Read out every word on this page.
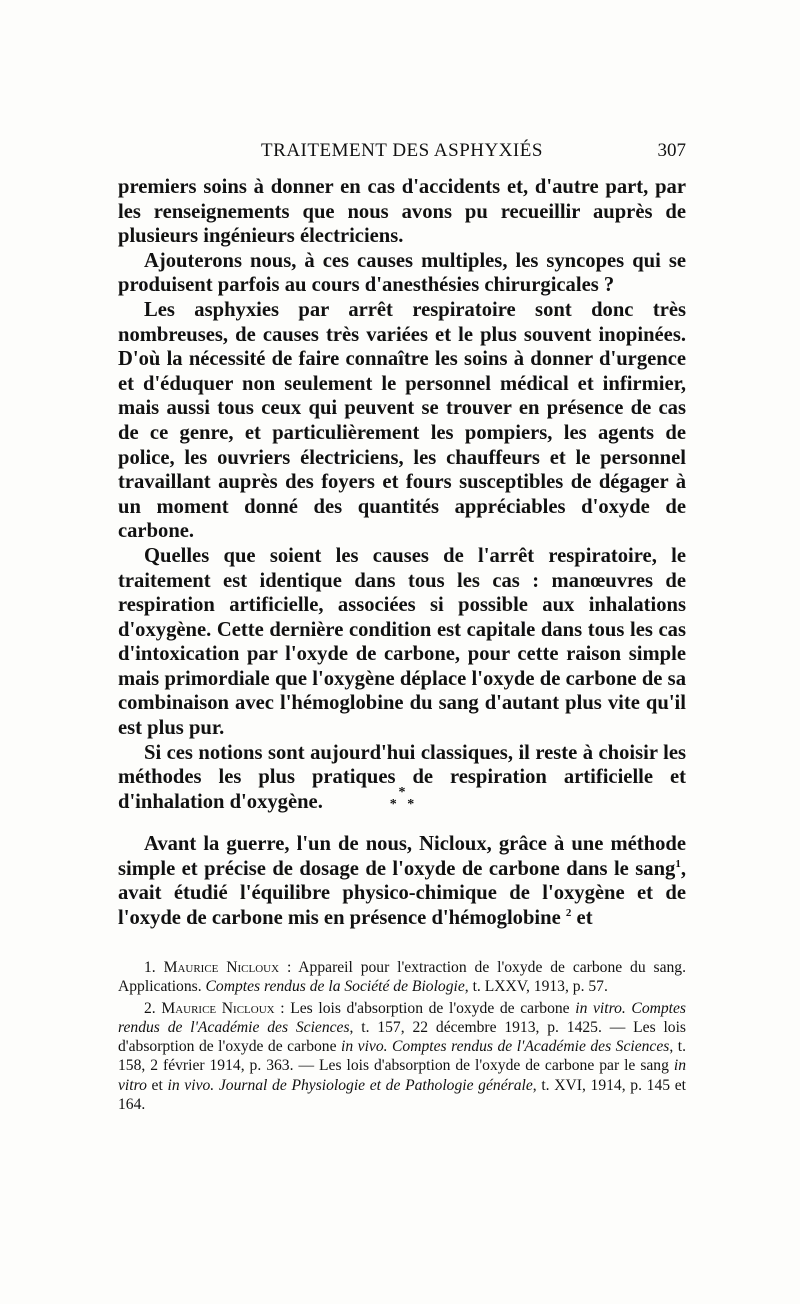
TRAITEMENT DES ASPHYXIÉS	307

premiers soins à donner en cas d'accidents et, d'autre part, par les renseignements que nous avons pu recueillir auprès de plusieurs ingénieurs électriciens.

Ajouterons nous, à ces causes multiples, les syncopes qui se produisent parfois au cours d'anesthésies chirurgicales ?

Les asphyxies par arrêt respiratoire sont donc très nombreuses, de causes très variées et le plus souvent inopinées. D'où la nécessité de faire connaître les soins à donner d'urgence et d'éduquer non seulement le personnel médical et infirmier, mais aussi tous ceux qui peuvent se trouver en présence de cas de ce genre, et particulièrement les pompiers, les agents de police, les ouvriers électriciens, les chauffeurs et le personnel travaillant auprès des foyers et fours susceptibles de dégager à un moment donné des quantités appréciables d'oxyde de carbone.

Quelles que soient les causes de l'arrêt respiratoire, le traitement est identique dans tous les cas : manœuvres de respiration artificielle, associées si possible aux inhalations d'oxygène. Cette dernière condition est capitale dans tous les cas d'intoxication par l'oxyde de carbone, pour cette raison simple mais primordiale que l'oxygène déplace l'oxyde de carbone de sa combinaison avec l'hémoglobine du sang d'autant plus vite qu'il est plus pur.

Si ces notions sont aujourd'hui classiques, il reste à choisir les méthodes les plus pratiques de respiration artificielle et d'inhalation d'oxygène.	*
*   *

Avant la guerre, l'un de nous, Nicloux, grâce à une méthode simple et précise de dosage de l'oxyde de carbone dans le sang$^1$, avait étudié l'équilibre physico-chimique de l'oxygène et de l'oxyde de carbone mis en présence d'hémoglobine $^2$ et

1. Maurice Nicloux : Appareil pour l'extraction de l'oxyde de carbone du sang. Applications. Comptes rendus de la Société de Biologie, t. LXXV, 1913, p. 57.

2. Maurice Nicloux : Les lois d'absorption de l'oxyde de carbone in vitro. Comptes rendus de l'Académie des Sciences, t. 157, 22 décembre 1913, p. 1425. — Les lois d'absorption de l'oxyde de carbone in vivo. Comptes rendus de l'Académie des Sciences, t. 158, 2 février 1914, p. 363. — Les lois d'absorption de l'oxyde de carbone par le sang in vitro et in vivo. Journal de Physiologie et de Pathologie générale, t. XVI, 1914, p. 145 et 164.
